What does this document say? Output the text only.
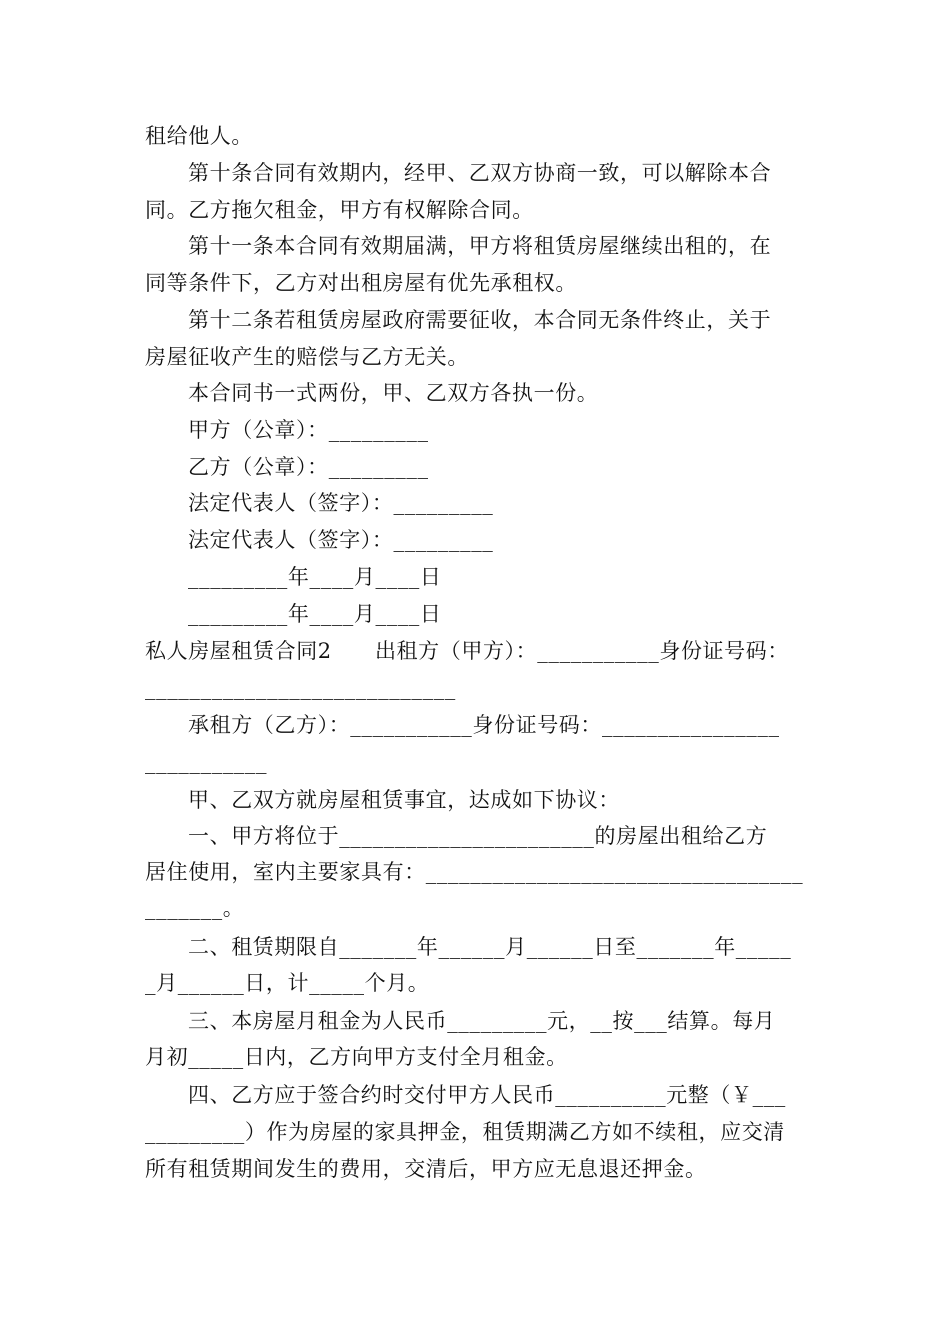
租给他人。
第十条合同有效期内，经甲、乙双方协商一致，可以解除本合
同。乙方拖欠租金，甲方有权解除合同。
第十一条本合同有效期届满，甲方将租赁房屋继续出租的，在
同等条件下，乙方对出租房屋有优先承租权。
第十二条若租赁房屋政府需要征收，本合同无条件终止，关于
房屋征收产生的赔偿与乙方无关。
本合同书一式两份，甲、乙双方各执一份。
甲方（公章）：_________
乙方（公章）：_________
法定代表人（签字）：_________
法定代表人（签字）：_________
_________年____月____日
_________年____月____日
私人房屋租赁合同2　　出租方（甲方）：___________身份证号码：
____________________________
承租方（乙方）：___________身份证号码：________________
___________
甲、乙双方就房屋租赁事宜，达成如下协议：
一、甲方将位于_______________________的房屋出租给乙方
居住使用，室内主要家具有：__________________________________
_______。
二、租赁期限自_______年______月______日至_______年_____
_月______日，计_____个月。
三、本房屋月租金为人民币_________元，__按___结算。每月
月初_____日内，乙方向甲方支付全月租金。
四、乙方应于签合约时交付甲方人民币__________元整（￥___
_________）作为房屋的家具押金，租赁期满乙方如不续租，应交清
所有租赁期间发生的费用，交清后，甲方应无息退还押金。
